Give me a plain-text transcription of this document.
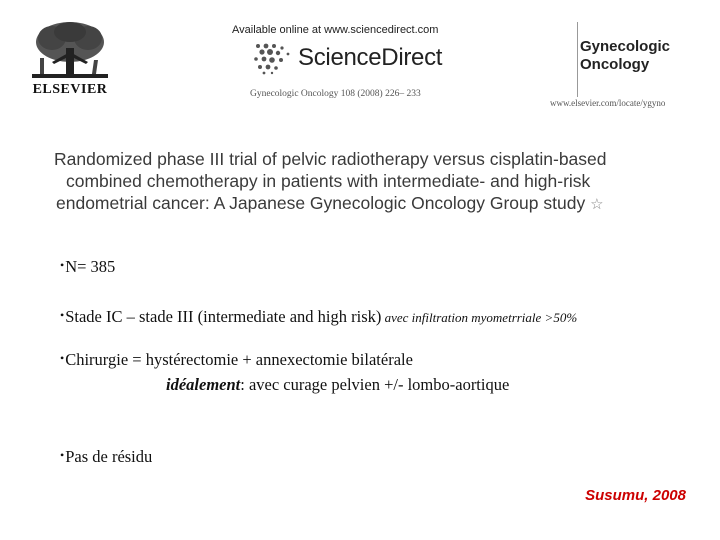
ELSEVIER
Available online at www.sciencedirect.com
ScienceDirect
Gynecologic Oncology 108 (2008) 226– 233
Gynecologic
Oncology
www.elsevier.com/locate/ygyno
Randomized phase III trial of pelvic radiotherapy versus cisplatin-based
combined chemotherapy in patients with intermediate- and high-risk
endometrial cancer: A Japanese Gynecologic Oncology Group study ☆
•N= 385
•Stade IC – stade III (intermediate and high risk) avec infiltration myometrriale >50%
•Chirurgie = hystérectomie + annexectomie bilatérale
idéalement: avec curage pelvien +/- lombo-aortique
•Pas de résidu
Susumu, 2008
